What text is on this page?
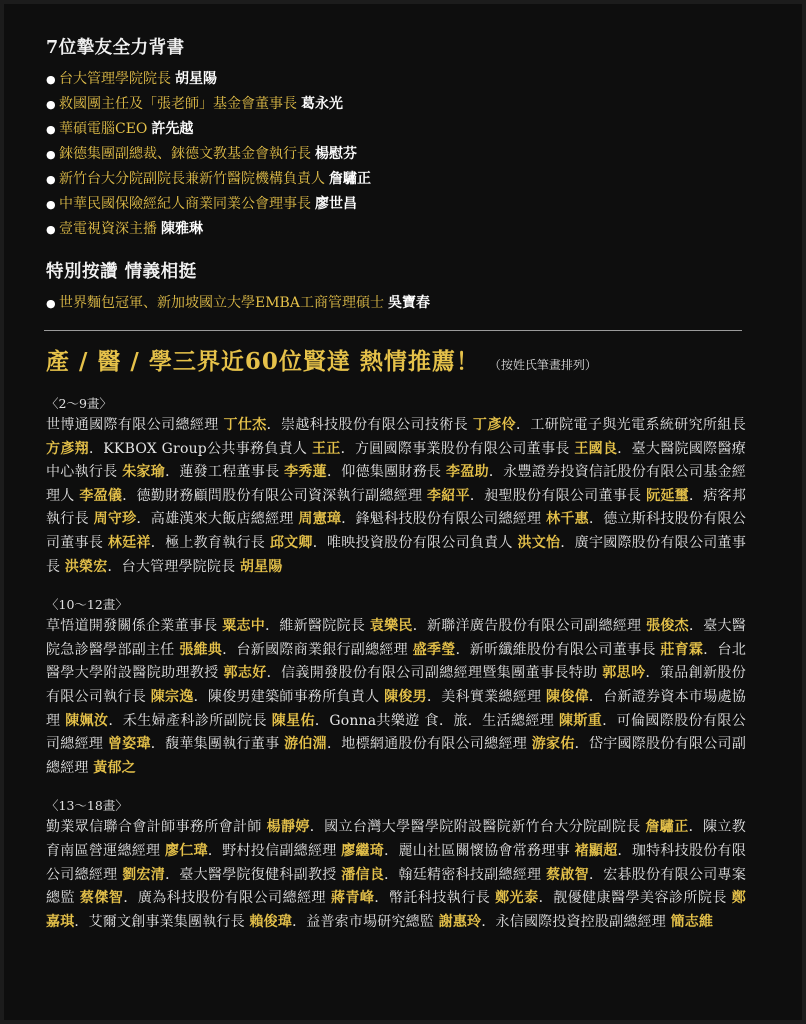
7位摯友全力背書
● 台大管理學院院長 胡星陽
● 救國團主任及「張老師」基金會董事長 葛永光
● 華碩電腦CEO 許先越
● 錸德集團副總裁、錸德文教基金會執行長 楊慰芬
● 新竹台大分院副院長兼新竹醫院機構負責人 詹驌正
● 中華民國保險經紀人商業同業公會理事長 廖世昌
● 壹電視資深主播 陳雅琳
特別按讚 情義相挺
● 世界麵包冠軍、新加坡國立大學EMBA工商管理碩士 吳寶春
產 / 醫 / 學三界近60位賢達 熱情推薦！ （按姓氏筆畫排列）
〈2～9畫〉
世博通國際有限公司總經理 丁仕杰．崇越科技股份有限公司技術長 丁彥伶．工研院電子與光電系統研究所組長 方彥翔．KKBOX Group公共事務負責人 王正．方圓國際事業股份有限公司董事長 王國良．臺大醫院國際醫療中心執行長 朱家瑜．蓮發工程董事長 李秀蓮．仰德集團財務長 李盈助．永豐證券投資信託股份有限公司基金經理人 李盈儀．德勤財務顧問股份有限公司資深執行副總經理 李紹平．昶聖股份有限公司董事長 阮延璽．痞客邦執行長 周守珍．高雄漢來大飯店總經理 周憲璋．鋒魁科技股份有限公司總經理 林千惠．德立斯科技股份有限公司董事長 林廷祥．極上教育執行長 邱文卿．唯映投資股份有限公司負責人 洪文怡．廣宇國際股份有限公司董事長 洪榮宏．台大管理學院院長 胡星陽
〈10～12畫〉
草悟道開發關係企業董事長 粟志中．維新醫院院長 袁樂民．新聯洋廣告股份有限公司副總經理 張俊杰．臺大醫院急診醫學部副主任 張維典．台新國際商業銀行副總經理 盛季瑩．新昕纖維股份有限公司董事長 莊育霖．台北醫學大學附設醫院助理教授 郭志好．信義開發股份有限公司副總經理暨集團董事長特助 郭思吟．策品創新股份有限公司執行長 陳宗逸．陳俊男建築師事務所負責人 陳俊男．美科實業總經理 陳俊偉．台新證券資本市場處協理 陳姵汝．禾生婦產科診所副院長 陳星佑．Gonna共樂遊 食．旅．生活總經理 陳斯重．可倫國際股份有限公司總經理 曾姿瑋．馥華集團執行董事 游伯淵．地標網通股份有限公司總經理 游家佑．岱宇國際股份有限公司副總經理 黃郁之
〈13～18畫〉
勤業眾信聯合會計師事務所會計師 楊靜婷．國立台灣大學醫學院附設醫院新竹台大分院副院長 詹驌正．陳立教育南區營運總經理 廖仁瑋．野村投信副總經理 廖繼琦．麗山社區關懷協會常務理事 褚顯超．珈特科技股份有限公司總經理 劉宏清．臺大醫學院復健科副教授 潘信良．翰廷精密科技副總經理 蔡啟智．宏碁股份有限公司專案總監 蔡傑智．廣為科技股份有限公司總經理 蔣青峰．幣託科技執行長 鄭光泰．靓優健康醫學美容診所院長 鄭嘉琪．艾爾文創事業集團執行長 賴俊瑋．益普索市場研究總監 謝惠玲．永信國際投資控股副總經理 簡志維
